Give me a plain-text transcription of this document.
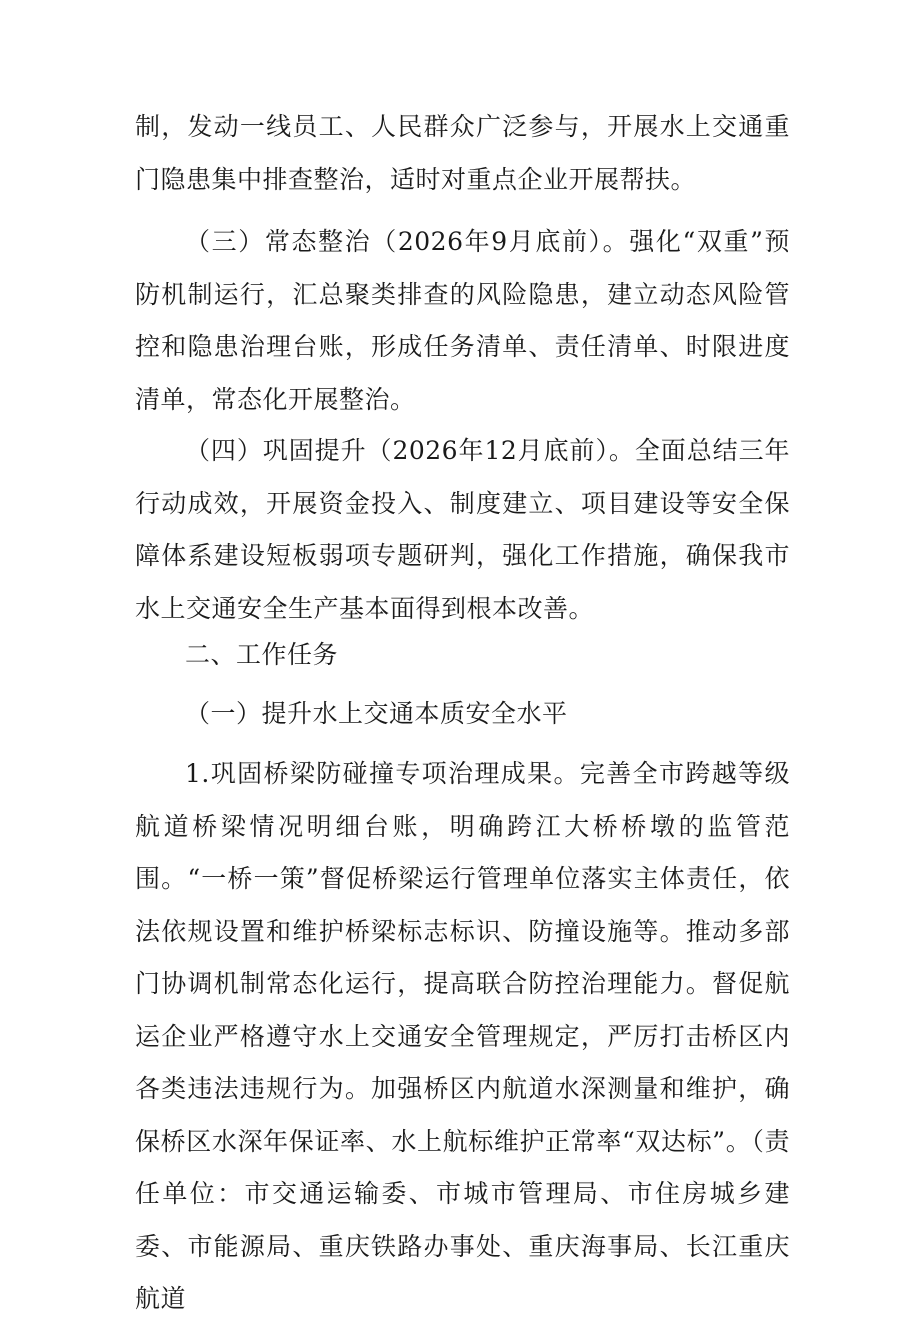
制，发动一线员工、人民群众广泛参与，开展水上交通重门隐患集中排查整治，适时对重点企业开展帮扶。

（三）常态整治（2026年9月底前）。强化“双重”预防机制运行，汇总聚类排查的风险隐患，建立动态风险管控和隐患治理台账，形成任务清单、责任清单、时限进度清单，常态化开展整治。

（四）巩固提升（2026年12月底前）。全面总结三年行动成效，开展资金投入、制度建立、项目建设等安全保障体系建设短板弱项专题研判，强化工作措施，确保我市水上交通安全生产基本面得到根本改善。

二、工作任务

（一）提升水上交通本质安全水平

1.巩固桥梁防碰撞专项治理成果。完善全市跨越等级航道桥梁情况明细台账，明确跨江大桥桥墩的监管范围。“一桥一策”督促桥梁运行管理单位落实主体责任，依法依规设置和维护桥梁标志标识、防撞设施等。推动多部门协调机制常态化运行，提高联合防控治理能力。督促航运企业严格遵守水上交通安全管理规定，严厉打击桥区内各类违法违规行为。加强桥区内航道水深测量和维护，确保桥区水深年保证率、水上航标维护正常率“双达标”。（责任单位：市交通运输委、市城市管理局、市住房城乡建委、市能源局、重庆铁路办事处、重庆海事局、长江重庆航道
